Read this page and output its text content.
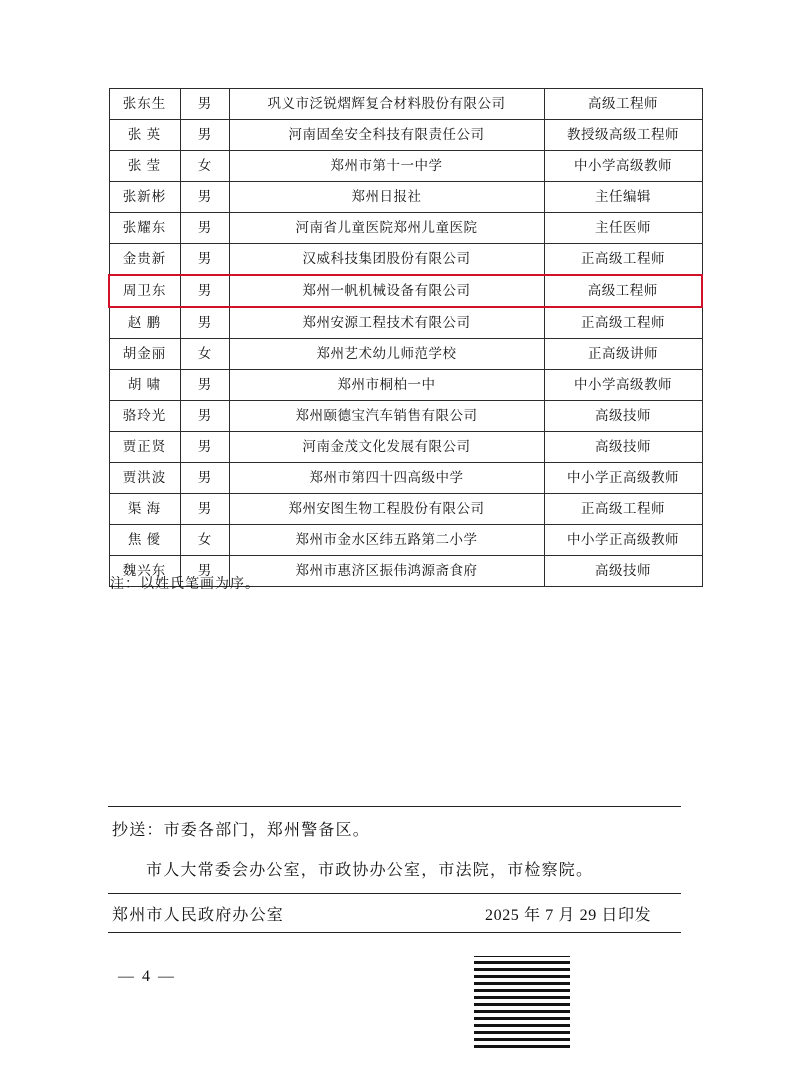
张东生	男	巩义市泛锐熠辉复合材料股份有限公司	高级工程师
张 英	男	河南固垒安全科技有限责任公司	教授级高级工程师
张 莹	女	郑州市第十一中学	中小学高级教师
张新彬	男	郑州日报社	主任编辑
张耀东	男	河南省儿童医院郑州儿童医院	主任医师
金贵新	男	汉威科技集团股份有限公司	正高级工程师
周卫东	男	郑州一帆机械设备有限公司	高级工程师
赵 鹏	男	郑州安源工程技术有限公司	正高级工程师
胡金丽	女	郑州艺术幼儿师范学校	正高级讲师
胡 啸	男	郑州市桐柏一中	中小学高级教师
骆玲光	男	郑州颐德宝汽车销售有限公司	高级技师
贾正贤	男	河南金茂文化发展有限公司	高级技师
贾洪波	男	郑州市第四十四高级中学	中小学正高级教师
渠 海	男	郑州安图生物工程股份有限公司	正高级工程师
焦 僾	女	郑州市金水区纬五路第二小学	中小学正高级教师
魏兴东	男	郑州市惠济区振伟鸿源斋食府	高级技师
注：以姓氏笔画为序。
抄送：市委各部门，郑州警备区。
市人大常委会办公室，市政协办公室，市法院，市检察院。
郑州市人民政府办公室	2025 年 7 月 29 日印发
— 4 —
